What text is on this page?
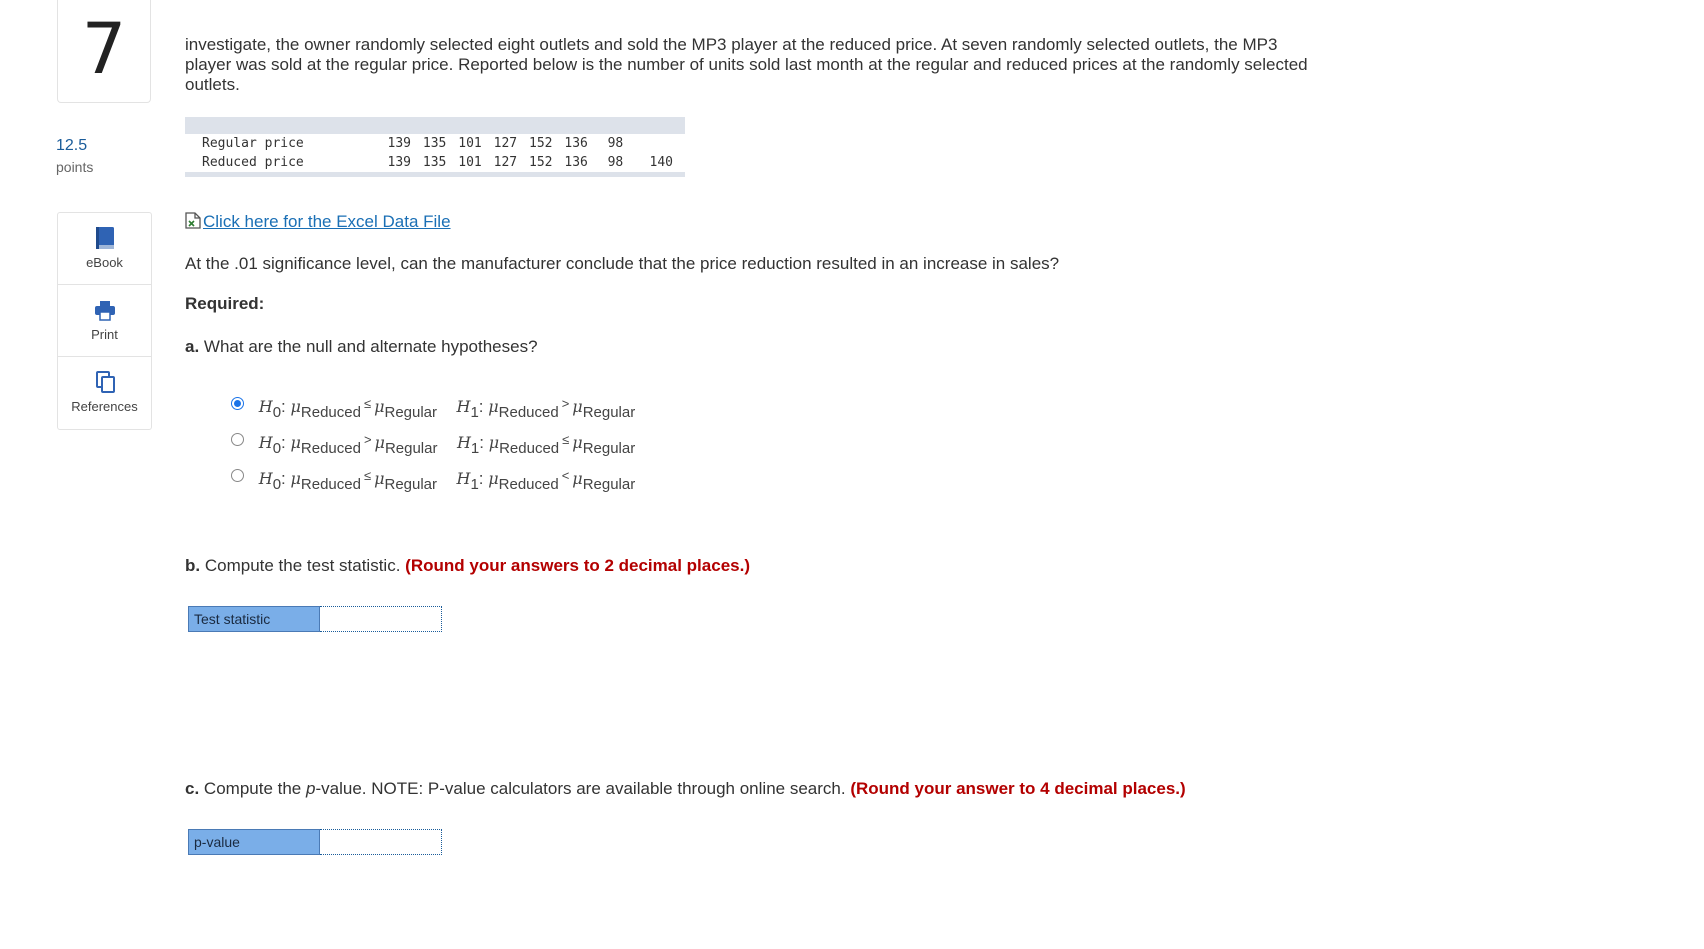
7
12.5
points
eBook
Print
References
investigate, the owner randomly selected eight outlets and sold the MP3 player at the reduced price. At seven randomly selected outlets, the MP3 player was sold at the regular price. Reported below is the number of units sold last month at the regular and reduced prices at the randomly selected outlets.
Regular price	139	135	101	127	152	136	98	
Reduced price	139	135	101	127	152	136	98	140
Click here for the Excel Data File
At the .01 significance level, can the manufacturer conclude that the price reduction resulted in an increase in sales?
Required:
a. What are the null and alternate hypotheses?
H0: μReduced≤ μRegular H1: μReduced> μRegular
H0: μReduced> μRegular H1: μReduced≤ μRegular
H0: μReduced≤ μRegular H1: μReduced< μRegular
b. Compute the test statistic. (Round your answers to 2 decimal places.)
Test statistic
c. Compute the p-value. NOTE: P-value calculators are available through online search. (Round your answer to 4 decimal places.)
p-value
